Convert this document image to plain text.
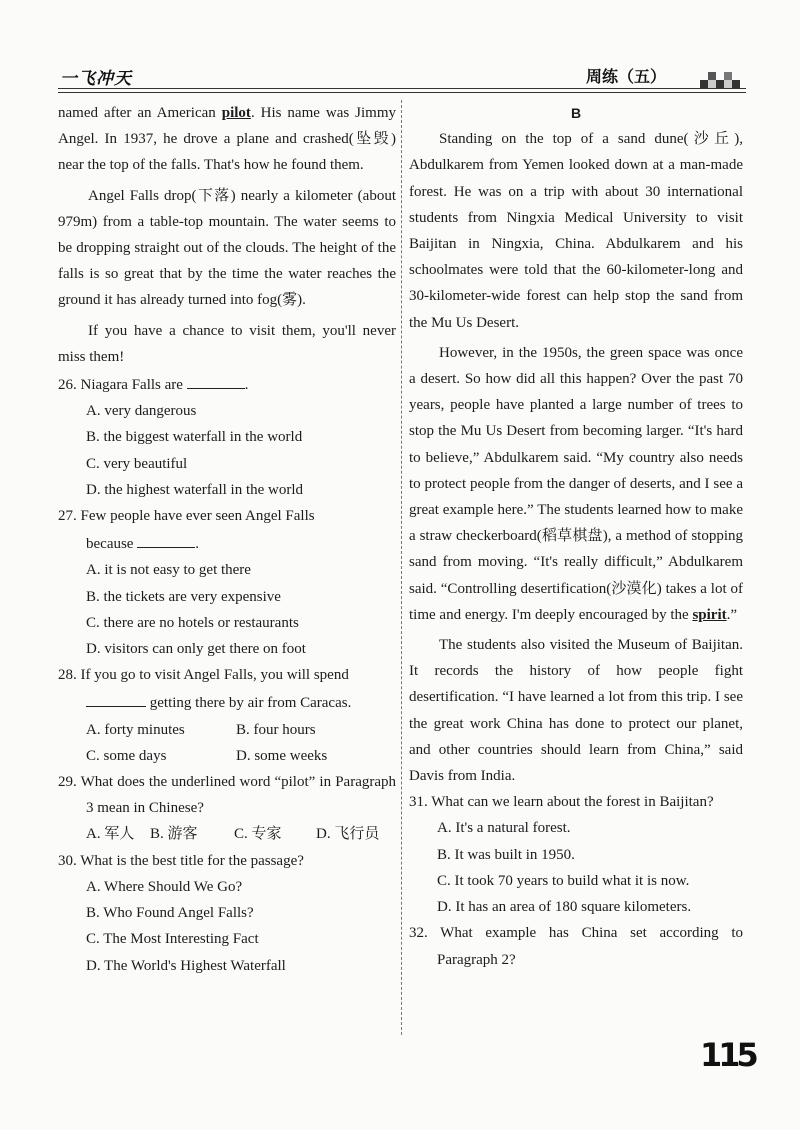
一飞冲天	周练（五）

named after an American pilot. His name was Jimmy Angel. In 1937, he drove a plane and crashed(坠毁) near the top of the falls. That's how he found them.

Angel Falls drop(下落) nearly a kilometer (about 979m) from a table-top mountain. The water seems to be dropping straight out of the clouds. The height of the falls is so great that by the time the water reaches the ground it has already turned into fog(雾).

If you have a chance to visit them, you'll never miss them!

26. Niagara Falls are	.

A. very dangerous

B. the biggest waterfall in the world

C. very beautiful

D. the highest waterfall in the world

27. Few people have ever seen Angel Falls

because	.

A. it is not easy to get there

B. the tickets are very expensive

C. there are no hotels or restaurants

D. visitors can only get there on foot

28. If you go to visit Angel Falls, you will spend

getting there by air from Caracas.

A. forty minutes	B. four hours
C. some days	D. some weeks

29. What does the underlined word “pilot” in Paragraph 3 mean in Chinese?

A. 军人	B. 游客	C. 专家	D. 飞行员

30. What is the best title for the passage?

A. Where Should We Go?

B. Who Found Angel Falls?

C. The Most Interesting Fact

D. The World's Highest Waterfall

B

Standing on the top of a sand dune(沙丘), Abdulkarem from Yemen looked down at a man-made forest. He was on a trip with about 30 international students from Ningxia Medical University to visit Baijitan in Ningxia, China. Abdulkarem and his schoolmates were told that the 60-kilometer-long and 30-kilometer-wide forest can help stop the sand from the Mu Us Desert.

However, in the 1950s, the green space was once a desert. So how did all this happen? Over the past 70 years, people have planted a large number of trees to stop the Mu Us Desert from becoming larger. “It's hard to believe,” Abdulkarem said. “My country also needs to protect people from the danger of deserts, and I see a great example here.” The students learned how to make a straw checkerboard(稻草棋盘), a method of stopping sand from moving. “It's really difficult,” Abdulkarem said. “Controlling desertification(沙漠化) takes a lot of time and energy. I'm deeply encouraged by the spirit.”

The students also visited the Museum of Baijitan. It records the history of how people fight desertification. “I have learned a lot from this trip. I see the great work China has done to protect our planet, and other countries should learn from China,” said Davis from India.

31. What can we learn about the forest in Baijitan?

A. It's a natural forest.

B. It was built in 1950.

C. It took 70 years to build what it is now.

D. It has an area of 180 square kilometers.

32. What example has China set according to Paragraph 2?

115
